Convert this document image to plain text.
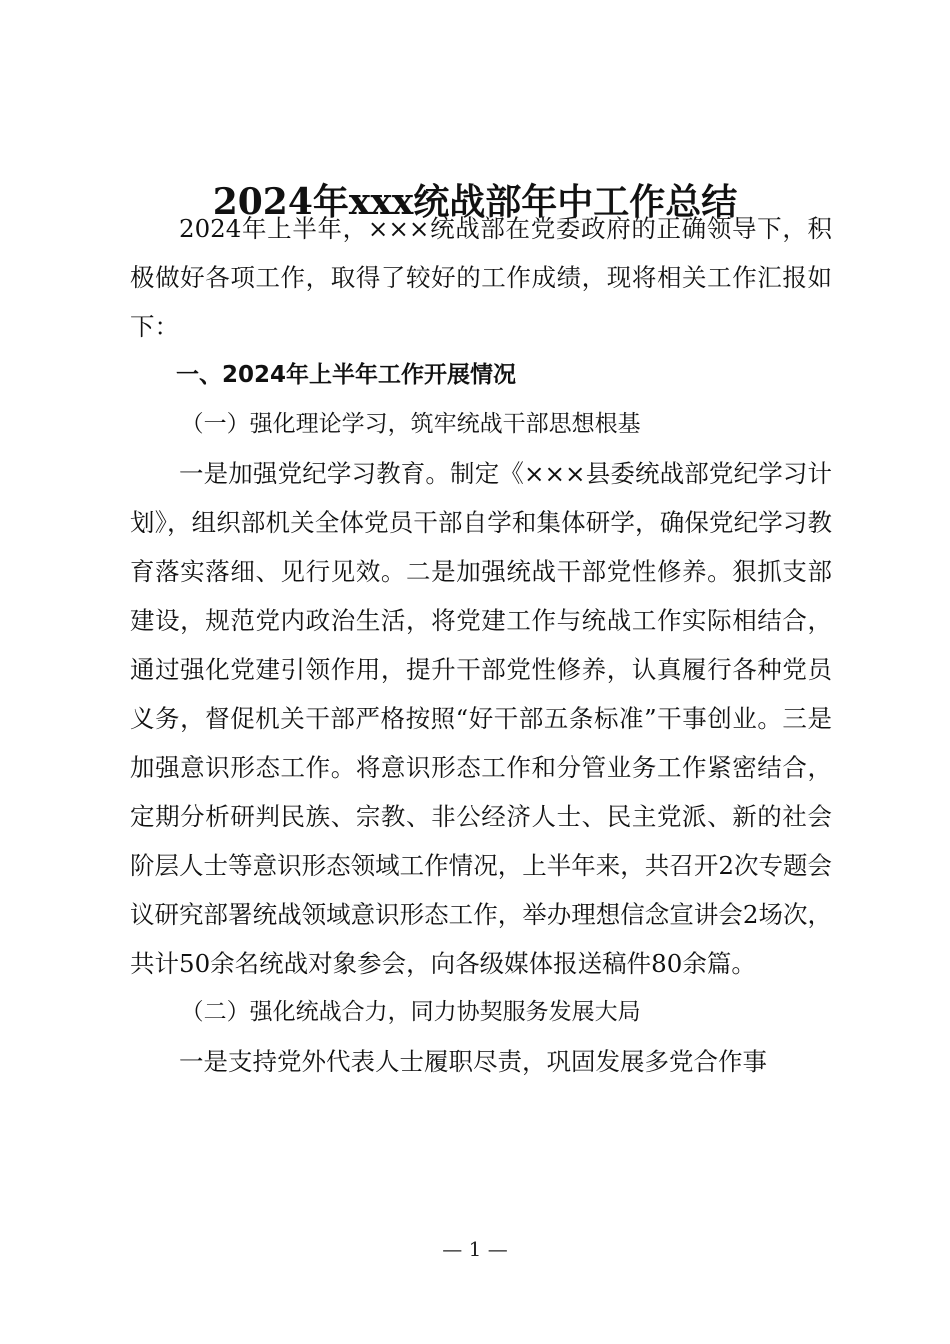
2024年xxx统战部年中工作总结

2024年上半年，×××统战部在党委政府的正确领导下，积极做好各项工作，取得了较好的工作成绩，现将相关工作汇报如下：

一、2024年上半年工作开展情况

（一）强化理论学习，筑牢统战干部思想根基

一是加强党纪学习教育。制定《×××县委统战部党纪学习计划》，组织部机关全体党员干部自学和集体研学，确保党纪学习教育落实落细、见行见效。二是加强统战干部党性修养。狠抓支部建设，规范党内政治生活，将党建工作与统战工作实际相结合，通过强化党建引领作用，提升干部党性修养，认真履行各种党员义务，督促机关干部严格按照“好干部五条标准”干事创业。三是加强意识形态工作。将意识形态工作和分管业务工作紧密结合，定期分析研判民族、宗教、非公经济人士、民主党派、新的社会阶层人士等意识形态领域工作情况，上半年来，共召开2次专题会议研究部署统战领域意识形态工作，举办理想信念宣讲会2场次，共计50余名统战对象参会，向各级媒体报送稿件80余篇。

（二）强化统战合力，同力协契服务发展大局

一是支持党外代表人士履职尽责，巩固发展多党合作事

— 1 —
